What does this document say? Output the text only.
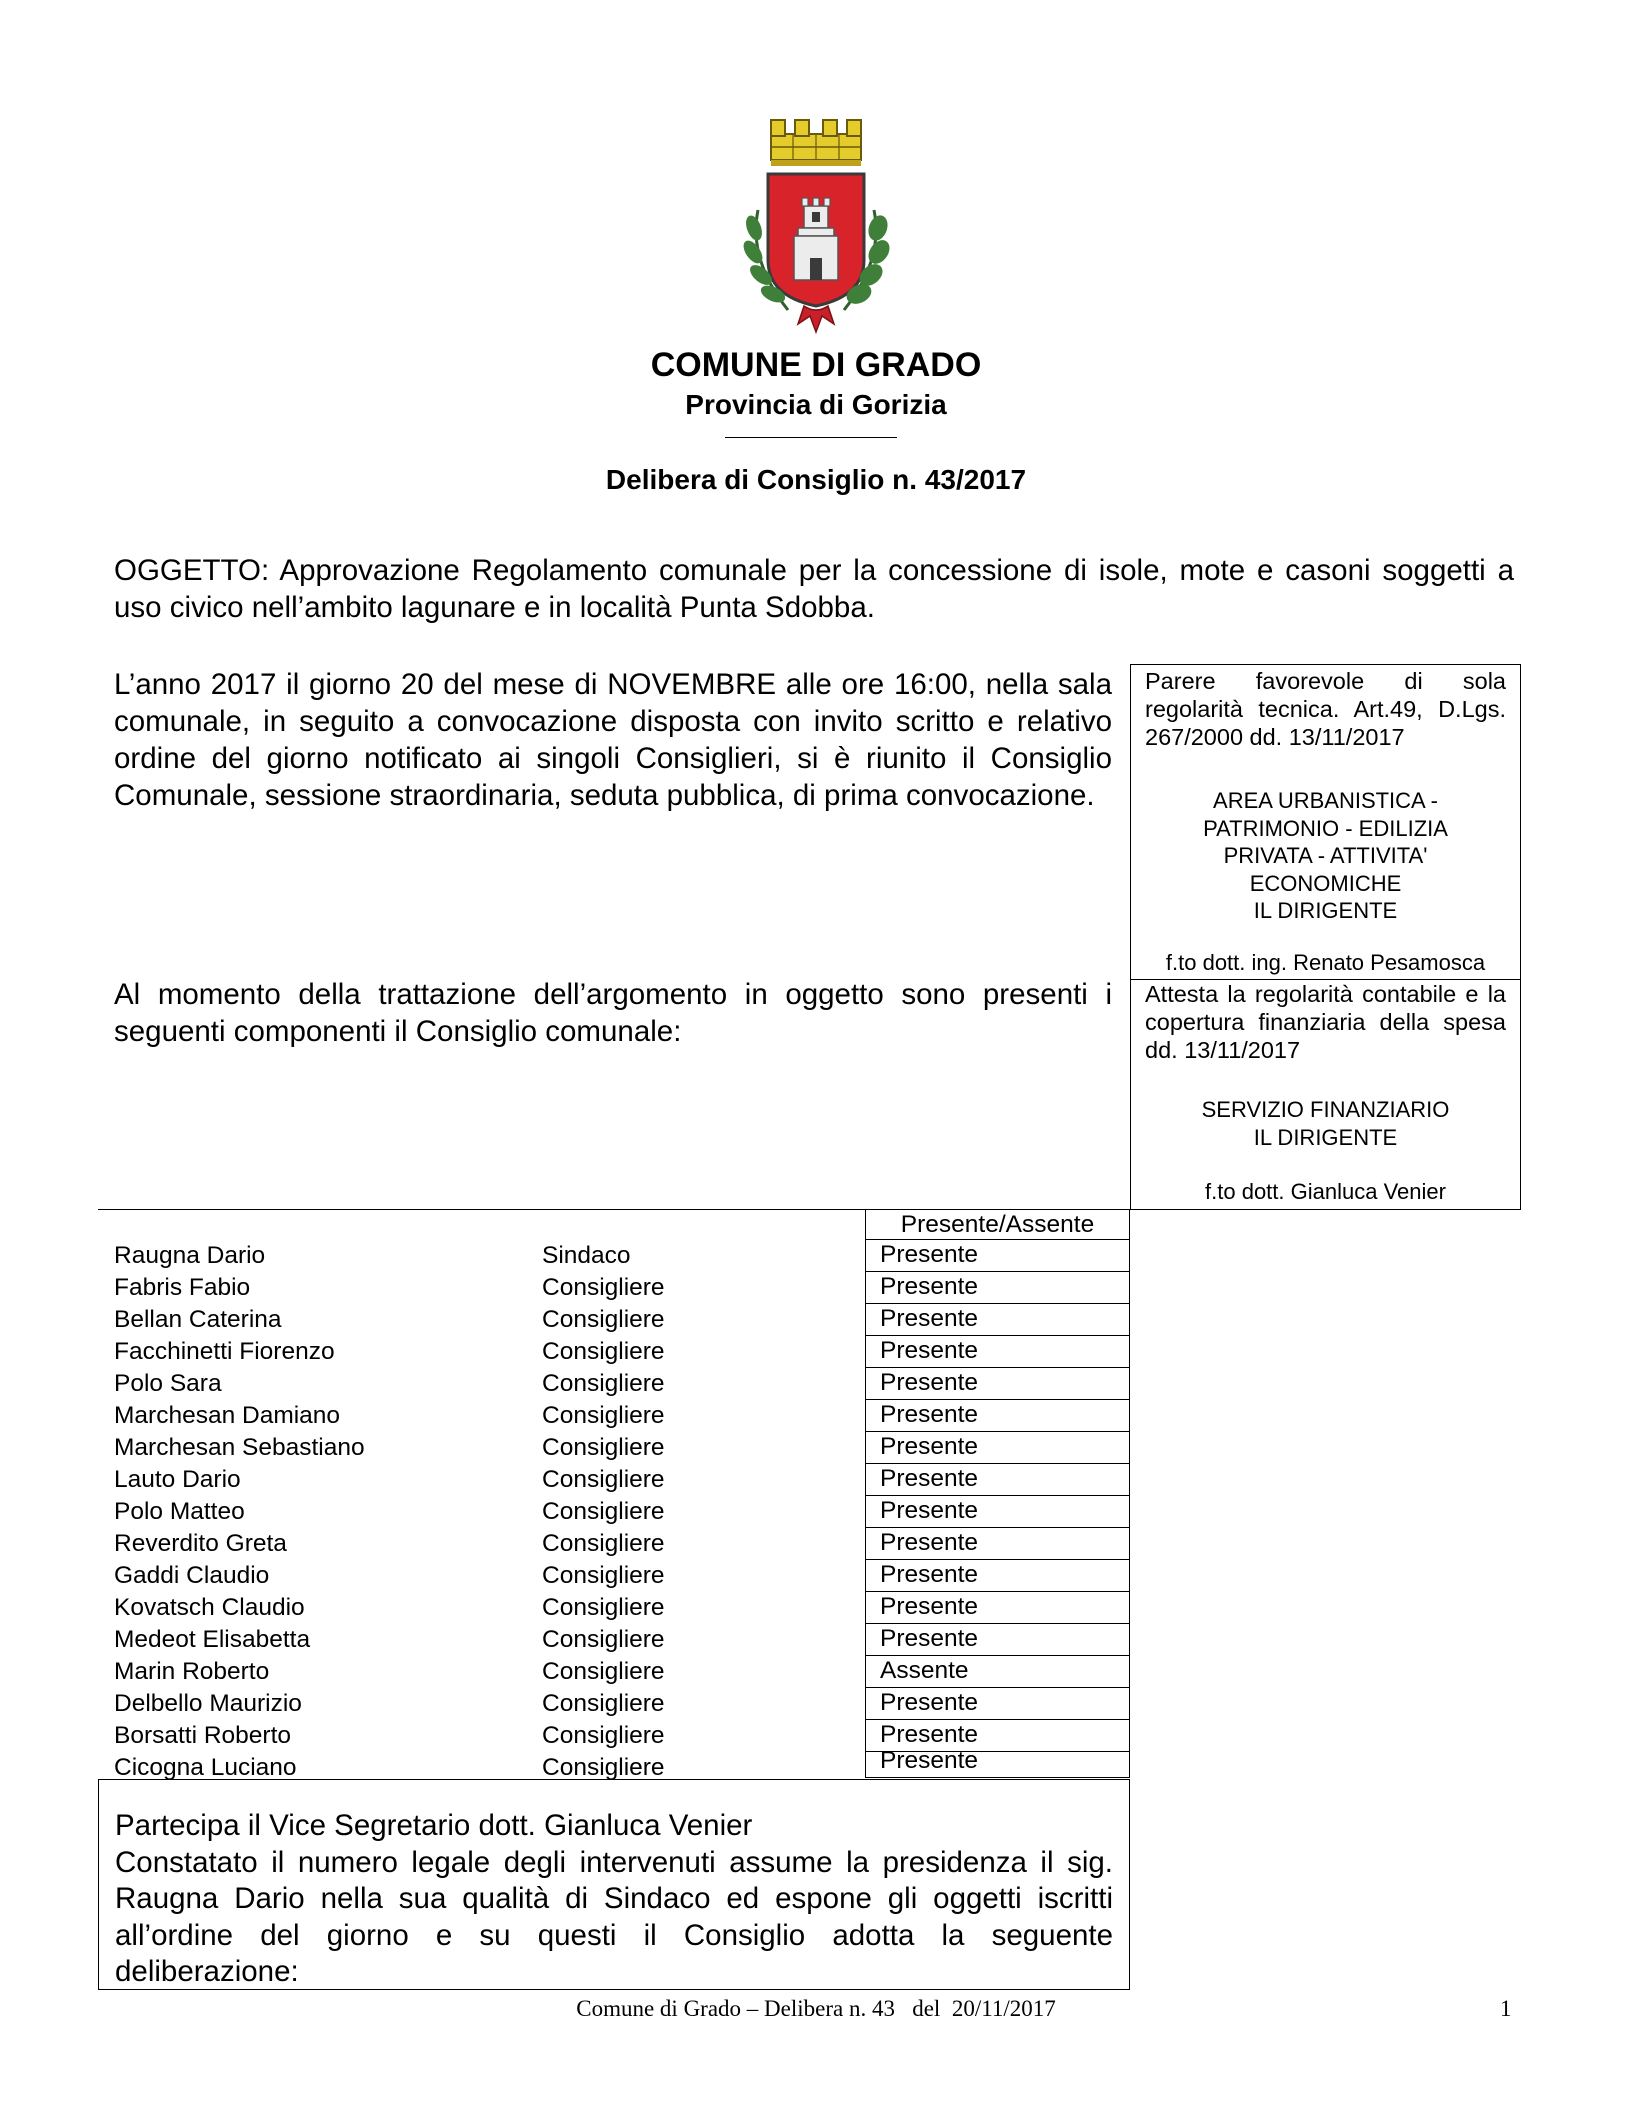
COMUNE DI GRADO
Provincia di Gorizia
Delibera di Consiglio n. 43/2017
OGGETTO: Approvazione Regolamento comunale per la concessione di isole, mote e casoni soggetti a uso civico nell’ambito lagunare e in località Punta Sdobba.
L’anno 2017 il giorno 20 del mese di NOVEMBRE alle ore 16:00, nella sala comunale, in seguito a convocazione disposta con invito scritto e relativo ordine del giorno notificato ai singoli Consiglieri, si è riunito il Consiglio Comunale, sessione straordinaria, seduta pubblica, di prima convocazione.
Al momento della trattazione dell’argomento in oggetto sono presenti i seguenti componenti il Consiglio comunale:
Parere favorevole di sola regolarità tecnica. Art.49, D.Lgs. 267/2000 dd. 13/11/2017
AREA URBANISTICA -
PATRIMONIO - EDILIZIA
PRIVATA - ATTIVITA'
ECONOMICHE
IL DIRIGENTE
f.to dott. ing. Renato Pesamosca
Attesta la regolarità contabile e la copertura finanziaria della spesa dd. 13/11/2017
SERVIZIO FINANZIARIO
IL DIRIGENTE
f.to dott. Gianluca Venier
Presente/Assente
Raugna Dario	Sindaco	Presente
Fabris Fabio	Consigliere	Presente
Bellan Caterina	Consigliere	Presente
Facchinetti Fiorenzo	Consigliere	Presente
Polo Sara	Consigliere	Presente
Marchesan Damiano	Consigliere	Presente
Marchesan Sebastiano	Consigliere	Presente
Lauto Dario	Consigliere	Presente
Polo Matteo	Consigliere	Presente
Reverdito Greta	Consigliere	Presente
Gaddi Claudio	Consigliere	Presente
Kovatsch Claudio	Consigliere	Presente
Medeot Elisabetta	Consigliere	Presente
Marin Roberto	Consigliere	Assente
Delbello Maurizio	Consigliere	Presente
Borsatti Roberto	Consigliere	Presente
Cicogna Luciano	Consigliere	Presente
Partecipa il Vice Segretario dott. Gianluca Venier
Constatato il numero legale degli intervenuti assume la presidenza il sig. Raugna Dario nella sua qualità di Sindaco ed espone gli oggetti iscritti all’ordine del giorno e su questi il Consiglio adotta la seguente deliberazione:
Comune di Grado – Delibera n. 43   del  20/11/2017	1
